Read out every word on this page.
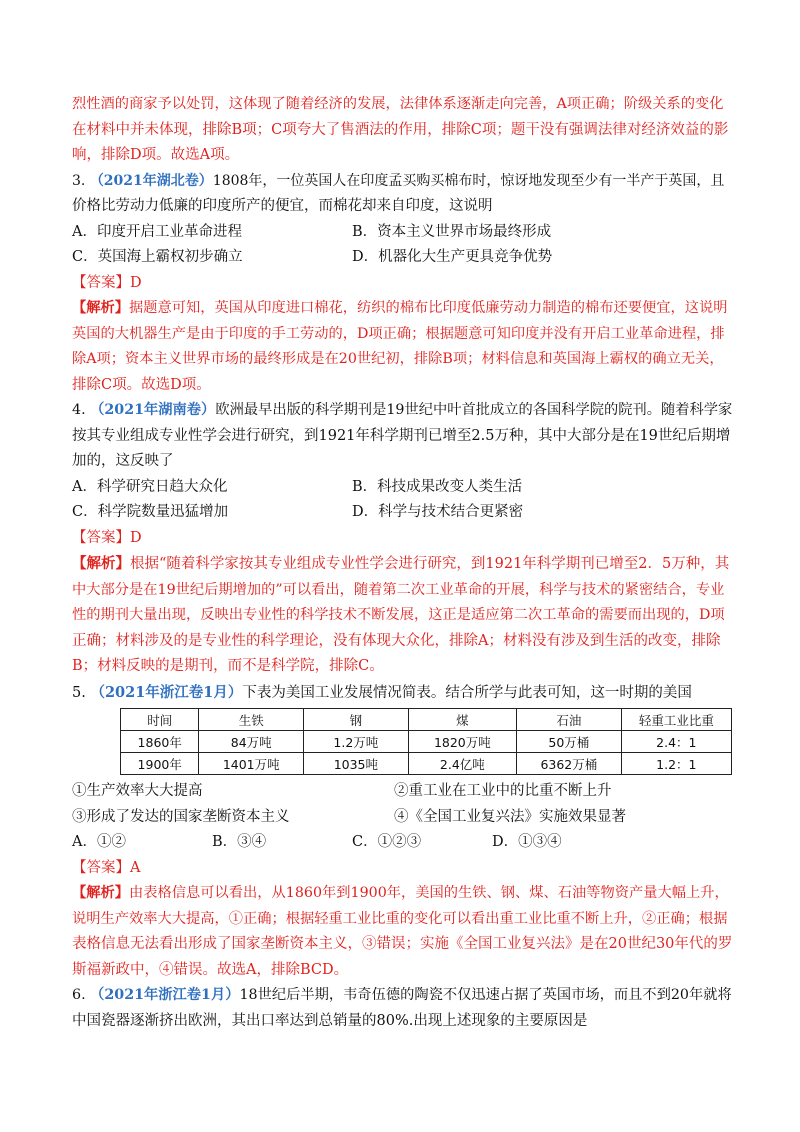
烈性酒的商家予以处罚，这体现了随着经济的发展，法律体系逐渐走向完善，A项正确；阶级关系的变化
在材料中并未体现，排除B项；C项夸大了售酒法的作用，排除C项；题干没有强调法律对经济效益的影
响，排除D项。故选A项。
3. （2021年湖北卷）1808年，一位英国人在印度孟买购买棉布时，惊讶地发现至少有一半产于英国，且
价格比劳动力低廉的印度所产的便宜，而棉花却来自印度，这说明
A．印度开启工业革命进程	B．资本主义世界市场最终形成
C．英国海上霸权初步确立	D．机器化大生产更具竞争优势
【答案】D
【解析】据题意可知，英国从印度进口棉花，纺织的棉布比印度低廉劳动力制造的棉布还要便宜，这说明
英国的大机器生产是由于印度的手工劳动的，D项正确；根据题意可知印度并没有开启工业革命进程，排
除A项；资本主义世界市场的最终形成是在20世纪初，排除B项；材料信息和英国海上霸权的确立无关，
排除C项。故选D项。
4. （2021年湖南卷）欧洲最早出版的科学期刊是19世纪中叶首批成立的各国科学院的院刊。随着科学家
按其专业组成专业性学会进行研究，到1921年科学期刊已增至2.5万种，其中大部分是在19世纪后期增
加的，这反映了
A．科学研究日趋大众化	B．科技成果改变人类生活
C．科学院数量迅猛增加	D．科学与技术结合更紧密
【答案】D
【解析】根据“随着科学家按其专业组成专业性学会进行研究，到1921年科学期刊已增至2．5万种，其
中大部分是在19世纪后期增加的”可以看出，随着第二次工业革命的开展，科学与技术的紧密结合，专业
性的期刊大量出现，反映出专业性的科学技术不断发展，这正是适应第二次工革命的需要而出现的，D项
正确；材料涉及的是专业性的科学理论，没有体现大众化，排除A；材料没有涉及到生活的改变，排除
B；材料反映的是期刊，而不是科学院，排除C。
5. （2021年浙江卷1月）下表为美国工业发展情况简表。结合所学与此表可知，这一时期的美国
时间	生铁	钢	煤	石油	轻重工业比重
1860年	84万吨	1.2万吨	1820万吨	50万桶	2.4：1
1900年	1401万吨	1035吨	2.4亿吨	6362万桶	1.2：1
①生产效率大大提高	②重工业在工业中的比重不断上升
③形成了发达的国家垄断资本主义	④《全国工业复兴法》实施效果显著
A．①②	B．③④	C．①②③	D．①③④
【答案】A
【解析】由表格信息可以看出，从1860年到1900年，美国的生铁、钢、煤、石油等物资产量大幅上升，
说明生产效率大大提高，①正确；根据轻重工业比重的变化可以看出重工业比重不断上升，②正确；根据
表格信息无法看出形成了国家垄断资本主义，③错误；实施《全国工业复兴法》是在20世纪30年代的罗
斯福新政中，④错误。故选A，排除BCD。
6. （2021年浙江卷1月）18世纪后半期，韦奇伍德的陶瓷不仅迅速占据了英国市场，而且不到20年就将
中国瓷器逐渐挤出欧洲，其出口率达到总销量的80%.出现上述现象的主要原因是
